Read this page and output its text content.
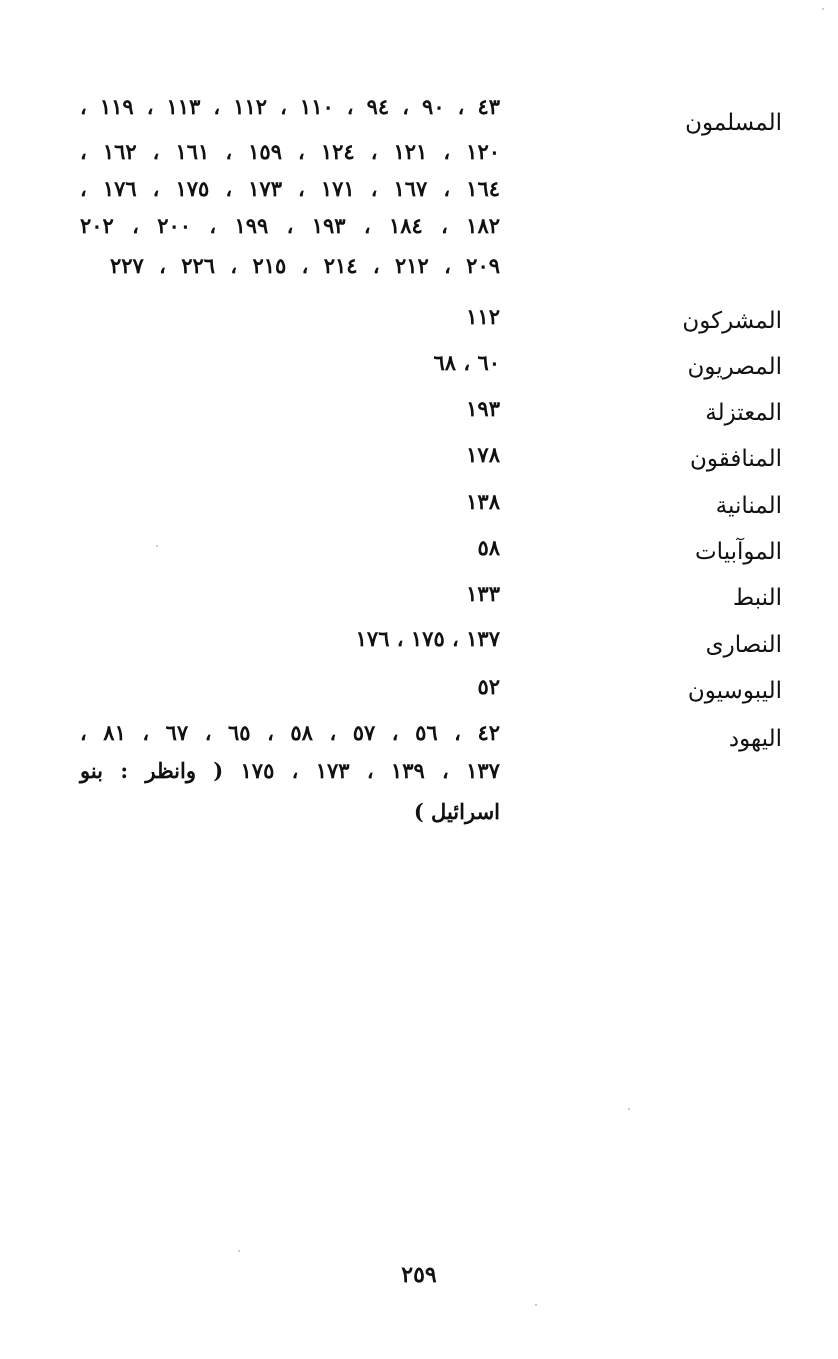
المسلمون
٤٣ ، ٩٠ ، ٩٤ ، ١١٠ ، ١١٢ ، ١١٣ ، ١١٩ ،
١٢٠ ، ١٢١ ، ١٢٤ ، ١٥٩ ، ١٦١ ، ١٦٢ ،
١٦٤ ، ١٦٧ ، ١٧١ ، ١٧٣ ، ١٧٥ ، ١٧٦ ،
١٨٢ ، ١٨٤ ، ١٩٣ ، ١٩٩ ، ٢٠٠ ، ٢٠٢
٢٠٩ ، ٢١٢ ، ٢١٤ ، ٢١٥ ، ٢٢٦ ، ٢٢٧
المشركون
١١٢
المصريون
٦٠ ، ٦٨
المعتزلة
١٩٣
المنافقون
١٧٨
المنانية
١٣٨
الموآبيات
٥٨
النبط
١٣٣
النصارى
١٣٧ ، ١٧٥ ، ١٧٦
اليبوسيون
٥٢
اليهود
٤٢ ، ٥٦ ، ٥٧ ، ٥٨ ، ٦٥ ، ٦٧ ، ٨١ ،
١٣٧ ، ١٣٩ ، ١٧٣ ، ١٧٥ ( وانظر : بنو
اسرائيل )
٢٥٩
